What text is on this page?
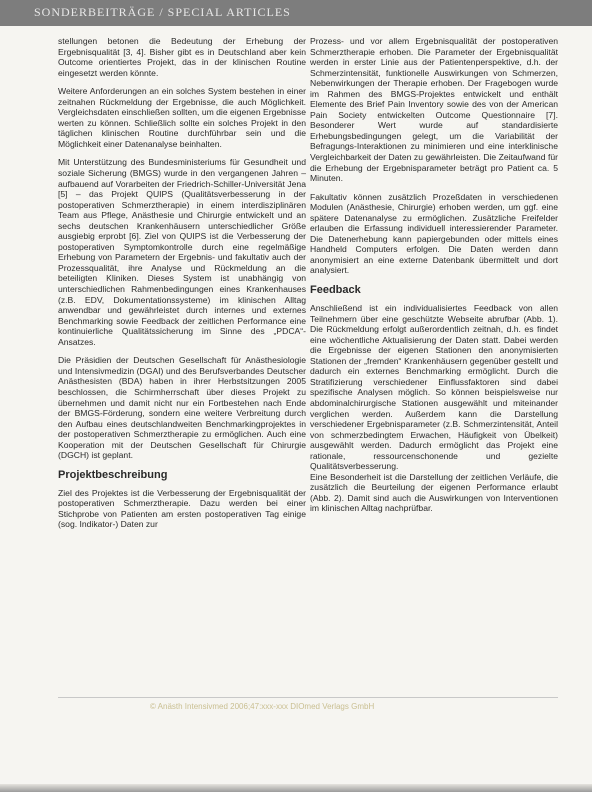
SONDERBEITRÄGE / SPECIAL ARTICLES

stellungen betonen die Bedeutung der Erhebung der Ergebnisqualität [3, 4]. Bisher gibt es in Deutschland aber kein Outcome orientiertes Projekt, das in der klinischen Routine eingesetzt werden könnte.

Weitere Anforderungen an ein solches System bestehen in einer zeitnahen Rückmeldung der Ergebnisse, die auch Möglichkeit. Vergleichsdaten einschließen sollten, um die eigenen Ergebnisse werten zu können. Schließlich sollte ein solches Projekt in den täglichen klinischen Routine durchführbar sein und die Möglichkeit einer Datenanalyse beinhalten.

Mit Unterstützung des Bundesministeriums für Gesundheit und soziale Sicherung (BMGS) wurde in den vergangenen Jahren – aufbauend auf Vorarbeiten der Friedrich-Schiller-Universität Jena [5] – das Projekt QUIPS (Qualitätsverbesserung in der postoperativen Schmerztherapie) in einem interdisziplinären Team aus Pflege, Anästhesie und Chirurgie entwickelt und an sechs deutschen Krankenhäusern unterschiedlicher Größe ausgiebig erprobt [6]. Ziel von QUIPS ist die Verbesserung der postoperativen Symptomkontrolle durch eine regelmäßige Erhebung von Parametern der Ergebnis- und fakultativ auch der Prozessqualität, ihre Analyse und Rückmeldung an die beteiligten Kliniken. Dieses System ist unabhängig von unterschiedlichen Rahmenbedingungen eines Krankenhauses (z.B. EDV, Dokumentationssysteme) im klinischen Alltag anwendbar und gewährleistet durch internes und externes Benchmarking sowie Feedback der zeitlichen Performance eine kontinuierliche Qualitätssicherung im Sinne des „PDCA“-Ansatzes.

Die Präsidien der Deutschen Gesellschaft für Anästhesiologie und Intensivmedizin (DGAI) und des Berufsverbandes Deutscher Anästhesisten (BDA) haben in ihrer Herbstsitzungen 2005 beschlossen, die Schirmherrschaft über dieses Projekt zu übernehmen und damit nicht nur ein Fortbestehen nach Ende der BMGS-Förderung, sondern eine weitere Verbreitung durch den Aufbau eines deutschlandweiten Benchmarkingprojektes in der postoperativen Schmerztherapie zu ermöglichen. Auch eine Kooperation mit der Deutschen Gesellschaft für Chirurgie (DGCH) ist geplant.

Projektbeschreibung

Ziel des Projektes ist die Verbesserung der Ergebnisqualität der postoperativen Schmerztherapie. Dazu werden bei einer Stichprobe von Patienten am ersten postoperativen Tag einige (sog. Indikator-) Daten zur

Prozess- und vor allem Ergebnisqualität der postoperativen Schmerztherapie erhoben. Die Parameter der Ergebnisqualität werden in erster Linie aus der Patientenperspektive, d.h. der Schmerzintensität, funktionelle Auswirkungen von Schmerzen, Nebenwirkungen der Therapie erhoben. Der Fragebogen wurde im Rahmen des BMGS-Projektes entwickelt und enthält Elemente des Brief Pain Inventory sowie des von der American Pain Society entwickelten Outcome Questionnaire [7]. Besonderer Wert wurde auf standardisierte Erhebungsbedingungen gelegt, um die Variabilität der Befragungs-Interaktionen zu minimieren und eine interklinische Vergleichbarkeit der Daten zu gewährleisten. Die Zeitaufwand für die Erhebung der Ergebnisparameter beträgt pro Patient ca. 5 Minuten.

Fakultativ können zusätzlich Prozeßdaten in verschiedenen Modulen (Anästhesie, Chirurgie) erhoben werden, um ggf. eine spätere Datenanalyse zu ermöglichen. Zusätzliche Freifelder erlauben die Erfassung individuell interessierender Parameter. Die Datenerhebung kann papiergebunden oder mittels eines Handheld Computers erfolgen. Die Daten werden dann anonymisiert an eine externe Datenbank übermittelt und dort analysiert.

Feedback

Anschließend ist ein individualisiertes Feedback von allen Teilnehmern über eine geschützte Webseite abrufbar (Abb. 1). Die Rückmeldung erfolgt außerordentlich zeitnah, d.h. es findet eine wöchentliche Aktualisierung der Daten statt. Dabei werden die Ergebnisse der eigenen Stationen den anonymisierten Stationen der „fremden“ Krankenhäusern gegenüber gestellt und dadurch ein externes Benchmarking ermöglicht. Durch die Stratifizierung verschiedener Einflussfaktoren sind dabei spezifische Analysen möglich. So können beispielsweise nur abdominalchirurgische Stationen ausgewählt und miteinander verglichen werden. Außerdem kann die Darstellung verschiedener Ergebnisparameter (z.B. Schmerzintensität, Anteil von schmerzbedingtem Erwachen, Häufigkeit von Übelkeit) ausgewählt werden. Dadurch ermöglicht das Projekt eine rationale, ressourcenschonende und gezielte Qualitätsverbesserung.

Eine Besonderheit ist die Darstellung der zeitlichen Verläufe, die zusätzlich die Beurteilung der eigenen Performance erlaubt (Abb. 2). Damit sind auch die Auswirkungen von Interventionen im klinischen Alltag nachprüfbar.

© Anästh Intensivmed 2006;47:xxx-xxx DIOmed Verlags GmbH
